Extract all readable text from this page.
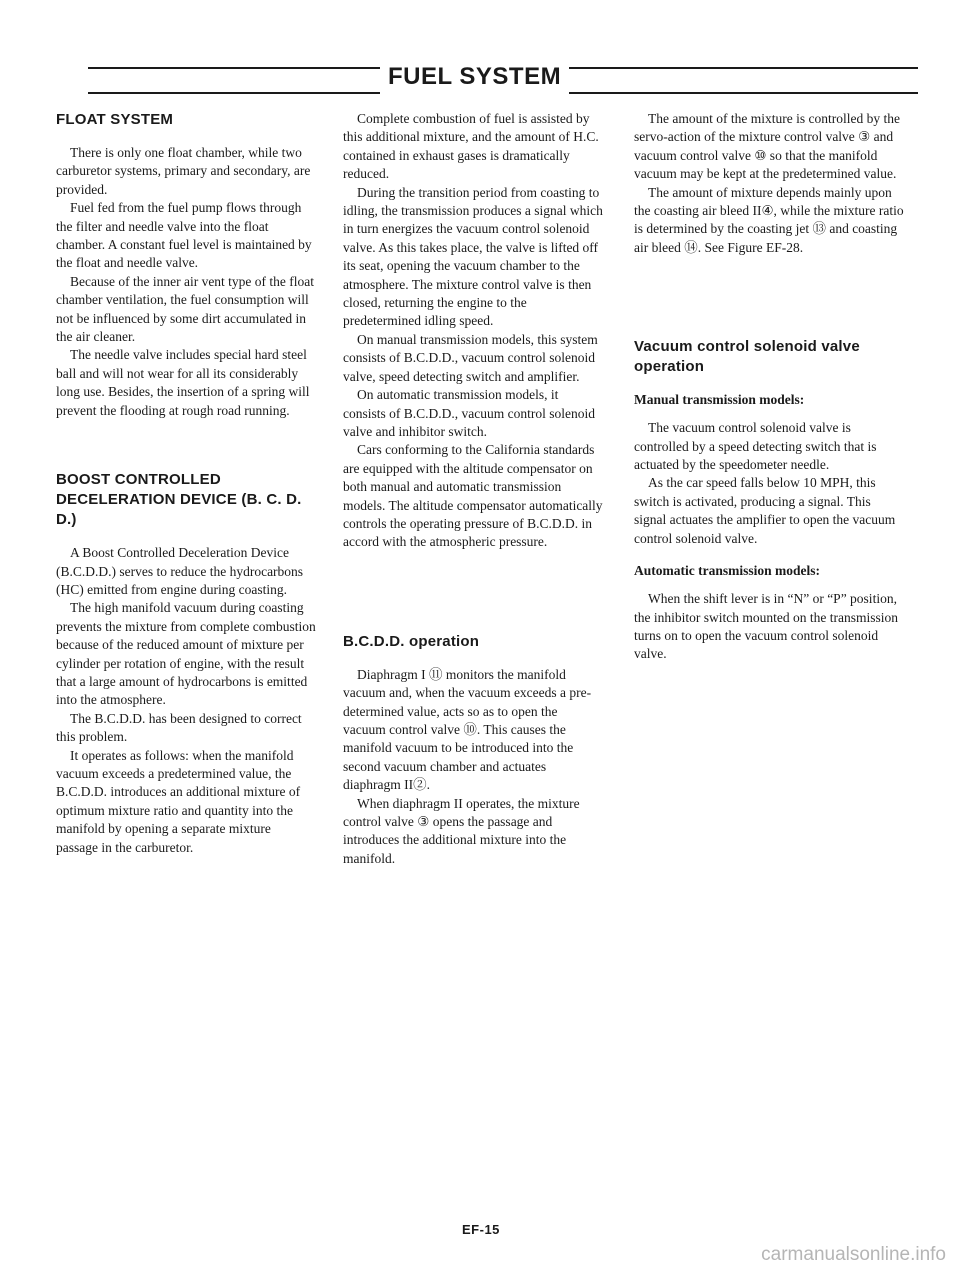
FUEL SYSTEM
FLOAT SYSTEM

There is only one float chamber, while two carburetor systems, primary and secondary, are provided.

Fuel fed from the fuel pump flows through the filter and needle valve into the float chamber. A constant fuel level is maintained by the float and needle valve.

Because of the inner air vent type of the float chamber ventilation, the fuel consumption will not be influenced by some dirt accumulated in the air cleaner.

The needle valve includes special hard steel ball and will not wear for all its considerably long use. Besides, the insertion of a spring will prevent the flooding at rough road running.

BOOST CONTROLLED DECELERATION DEVICE (B. C. D. D.)

A Boost Controlled Deceleration Device (B.C.D.D.) serves to reduce the hydrocarbons (HC) emitted from engine during coasting.

The high manifold vacuum during coasting prevents the mixture from complete combustion because of the reduced amount of mixture per cylinder per rotation of engine, with the result that a large amount of hydrocarbons is emitted into the atmosphere.

The B.C.D.D. has been designed to correct this problem.

It operates as follows: when the manifold vacuum exceeds a predetermined value, the B.C.D.D. introduces an additional mixture of optimum mixture ratio and quantity into the manifold by opening a separate mixture passage in the carburetor.

Complete combustion of fuel is assisted by this additional mixture, and the amount of H.C. contained in exhaust gases is dramatically reduced.

During the transition period from coasting to idling, the transmission produces a signal which in turn energizes the vacuum control solenoid valve. As this takes place, the valve is lifted off its seat, opening the vacuum chamber to the atmosphere. The mixture control valve is then closed, returning the engine to the predetermined idling speed.

On manual transmission models, this system consists of B.C.D.D., vacuum control solenoid valve, speed detecting switch and amplifier.

On automatic transmission models, it consists of B.C.D.D., vacuum control solenoid valve and inhibitor switch.

Cars conforming to the California standards are equipped with the altitude compensator on both manual and automatic transmission models. The altitude compensator automatically controls the operating pressure of B.C.D.D. in accord with the atmospheric pressure.

B.C.D.D. operation

Diaphragm I ⑪ monitors the manifold vacuum and, when the vacuum exceeds a pre-determined value, acts so as to open the vacuum control valve ⑩. This causes the manifold vacuum to be introduced into the second vacuum chamber and actuates diaphragm II②.

When diaphragm II operates, the mixture control valve ③ opens the passage and introduces the additional mixture into the manifold.

The amount of the mixture is controlled by the servo-action of the mixture control valve ③ and vacuum control valve ⑩ so that the manifold vacuum may be kept at the predetermined value.

The amount of mixture depends mainly upon the coasting air bleed II④, while the mixture ratio is determined by the coasting jet ⑬ and coasting air bleed ⑭. See Figure EF-28.

Vacuum control solenoid valve operation
Manual transmission models:

The vacuum control solenoid valve is controlled by a speed detecting switch that is actuated by the speedometer needle.

As the car speed falls below 10 MPH, this switch is activated, producing a signal. This signal actuates the amplifier to open the vacuum control solenoid valve.

Automatic transmission models:

When the shift lever is in “N” or “P” position, the inhibitor switch mounted on the transmission turns on to open the vacuum control solenoid valve.

EF-15
carmanualsonline.info
